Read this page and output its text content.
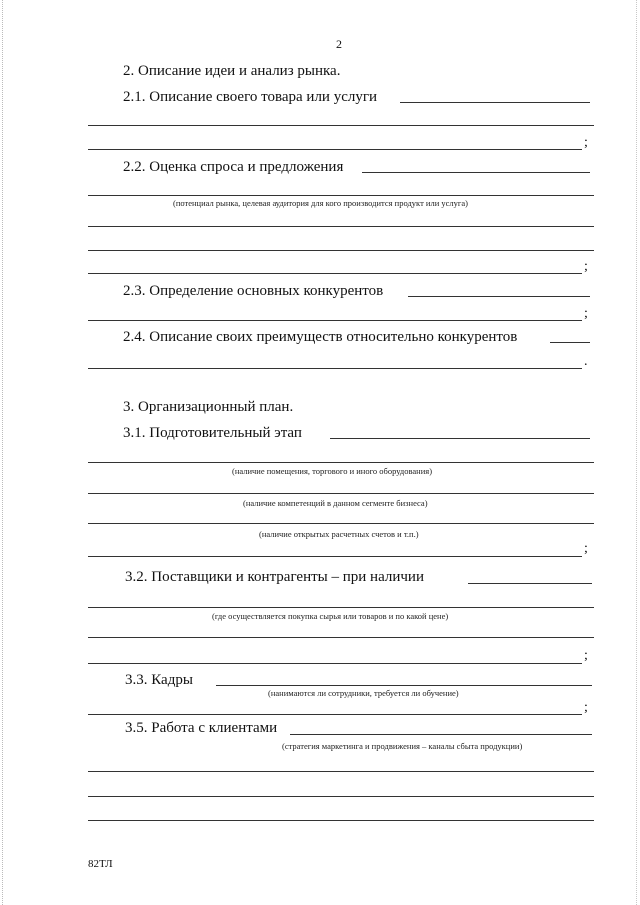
2
2. Описание идеи и анализ рынка.
2.1. Описание своего товара или услуги
;
2.2. Оценка спроса и предложения
(потенциал рынка, целевая аудитория для кого производится продукт или услуга)
;
2.3. Определение основных конкурентов
;
2.4. Описание своих преимуществ относительно конкурентов
.
3. Организационный план.
3.1. Подготовительный этап
(наличие помещения, торгового и иного оборудования)
(наличие компетенций в данном сегменте бизнеса)
(наличие открытых расчетных счетов и т.п.)
;
3.2. Поставщики и контрагенты – при наличии
(где осуществляется покупка сырья или товаров и по какой цене)
;
3.3. Кадры
(нанимаются ли сотрудники, требуется ли обучение)
;
3.5. Работа с клиентами
(стратегия маркетинга и продвижения – каналы сбыта продукции)
82ТЛ
